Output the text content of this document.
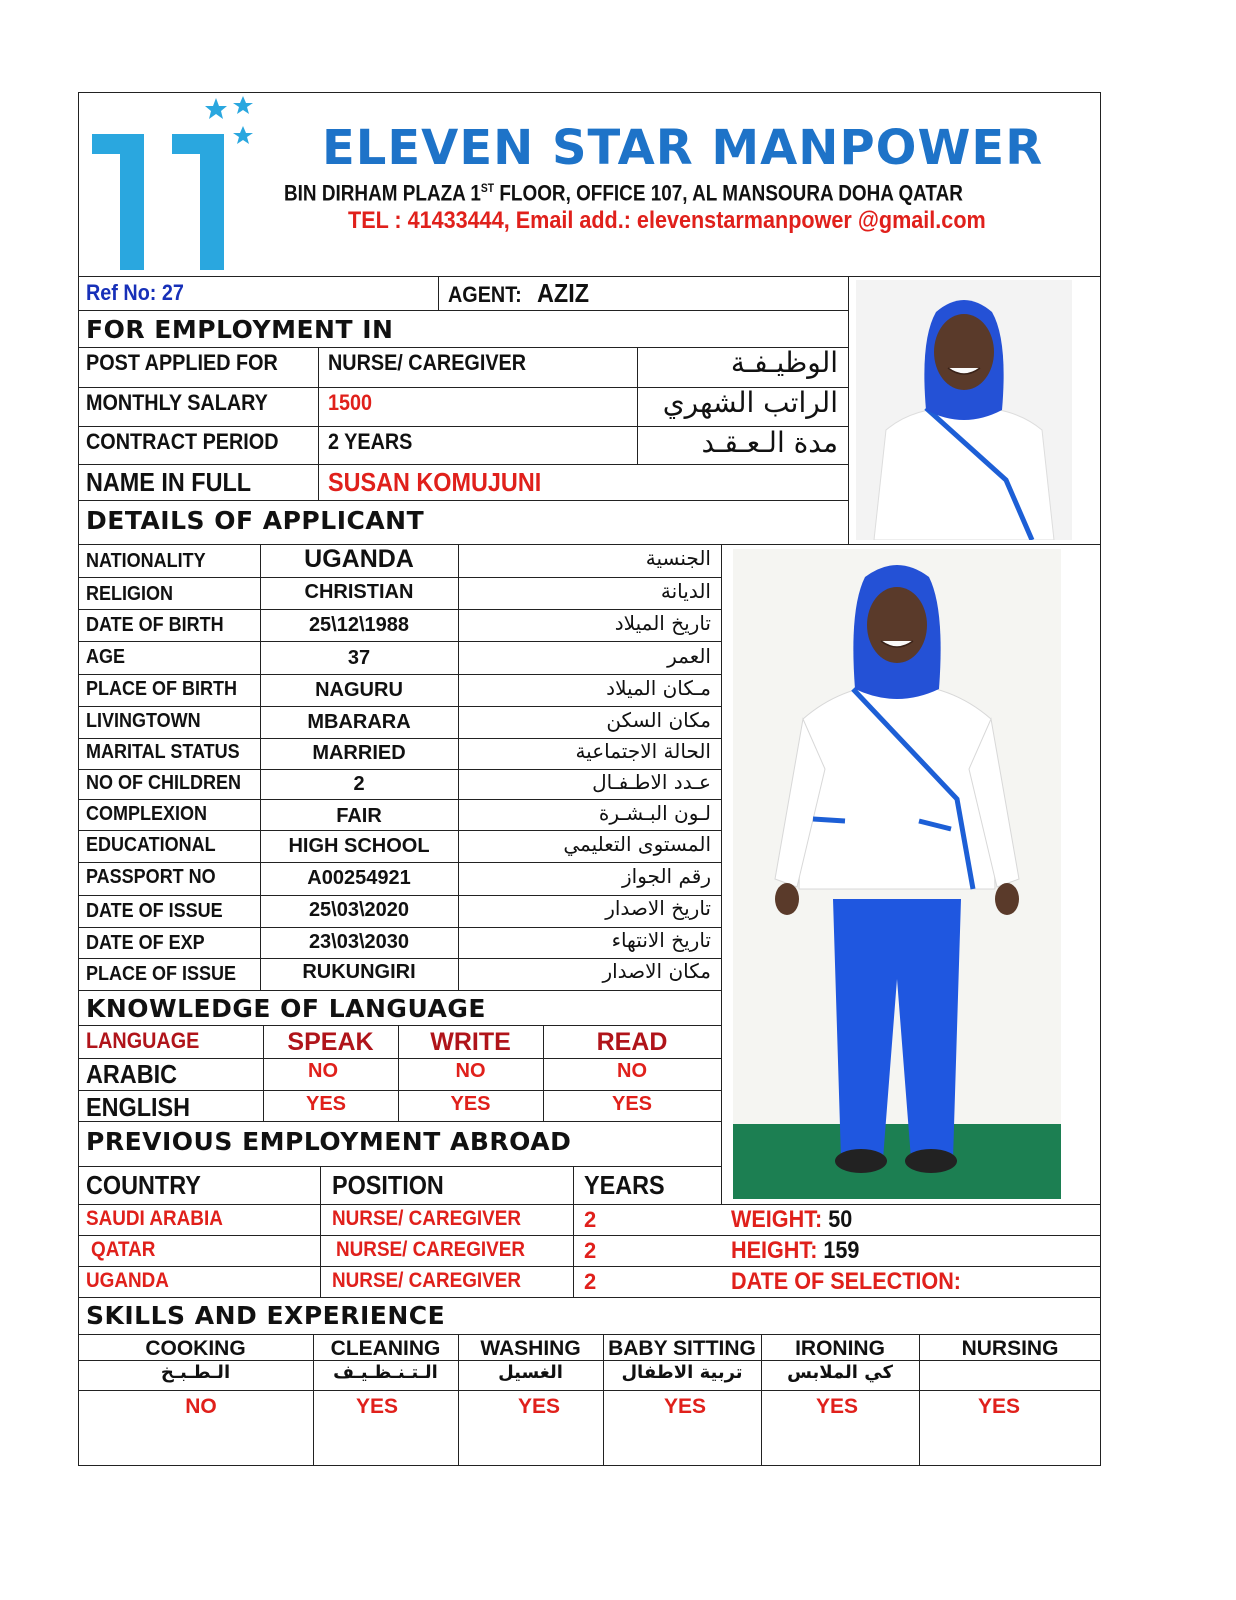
ELEVEN STAR MANPOWER
BIN DIRHAM PLAZA 1ST FLOOR, OFFICE 107, AL MANSOURA DOHA QATAR
TEL : 41433444, Email add.: elevenstarmanpower @gmail.com
Ref No: 27	AGENT: AZIZ
FOR EMPLOYMENT IN
POST APPLIED FOR NURSE/ CAREGIVER	الوظيـفـة
MONTHLY SALARY	1500	الراتب الشهري
CONTRACT PERIOD 2 YEARS	مدة الـعـقـد
NAME IN FULL	SUSAN KOMUJUNI
DETAILS OF APPLICANT
NATIONALITY	UGANDA	الجنسية
RELIGION	CHRISTIAN	الديانة
DATE OF BIRTH	25\12\1988	تاريخ الميلاد
AGE	37	العمر
PLACE OF BIRTH	NAGURU	مـكان الميلاد
LIVINGTOWN	MBARARA	مكان السكن
MARITAL STATUS	MARRIED	الحالة الاجتماعية
NO OF CHILDREN	2	عـدد الاطـفـال
COMPLEXION	FAIR	لـون البـشـرة
EDUCATIONAL	HIGH SCHOOL	المستوى التعليمي
PASSPORT NO	A00254921	رقم الجواز
DATE OF ISSUE	25\03\2020	تاريخ الاصدار
DATE OF EXP	23\03\2030	تاريخ الانتهاء
PLACE OF ISSUE	RUKUNGIRI	مكان الاصدار
KNOWLEDGE OF LANGUAGE
LANGUAGE	SPEAK	WRITE	READ
ARABIC	NO	NO	NO
ENGLISH	YES	YES	YES
PREVIOUS EMPLOYMENT ABROAD
COUNTRY	POSITION	YEARS
SAUDI ARABIA	NURSE/ CAREGIVER	2
QATAR	NURSE/ CAREGIVER	2
UGANDA	NURSE/ CAREGIVER	2
WEIGHT: 50
HEIGHT: 159
DATE OF SELECTION:
SKILLS AND EXPERIENCE
COOKING	CLEANING	WASHING	BABY SITTING	IRONING	NURSING
الـطـبـخ	الـتـنـظـيـف	الغسيل	تربية الاطفال	كي الملابس
NO	YES	YES	YES	YES	YES
